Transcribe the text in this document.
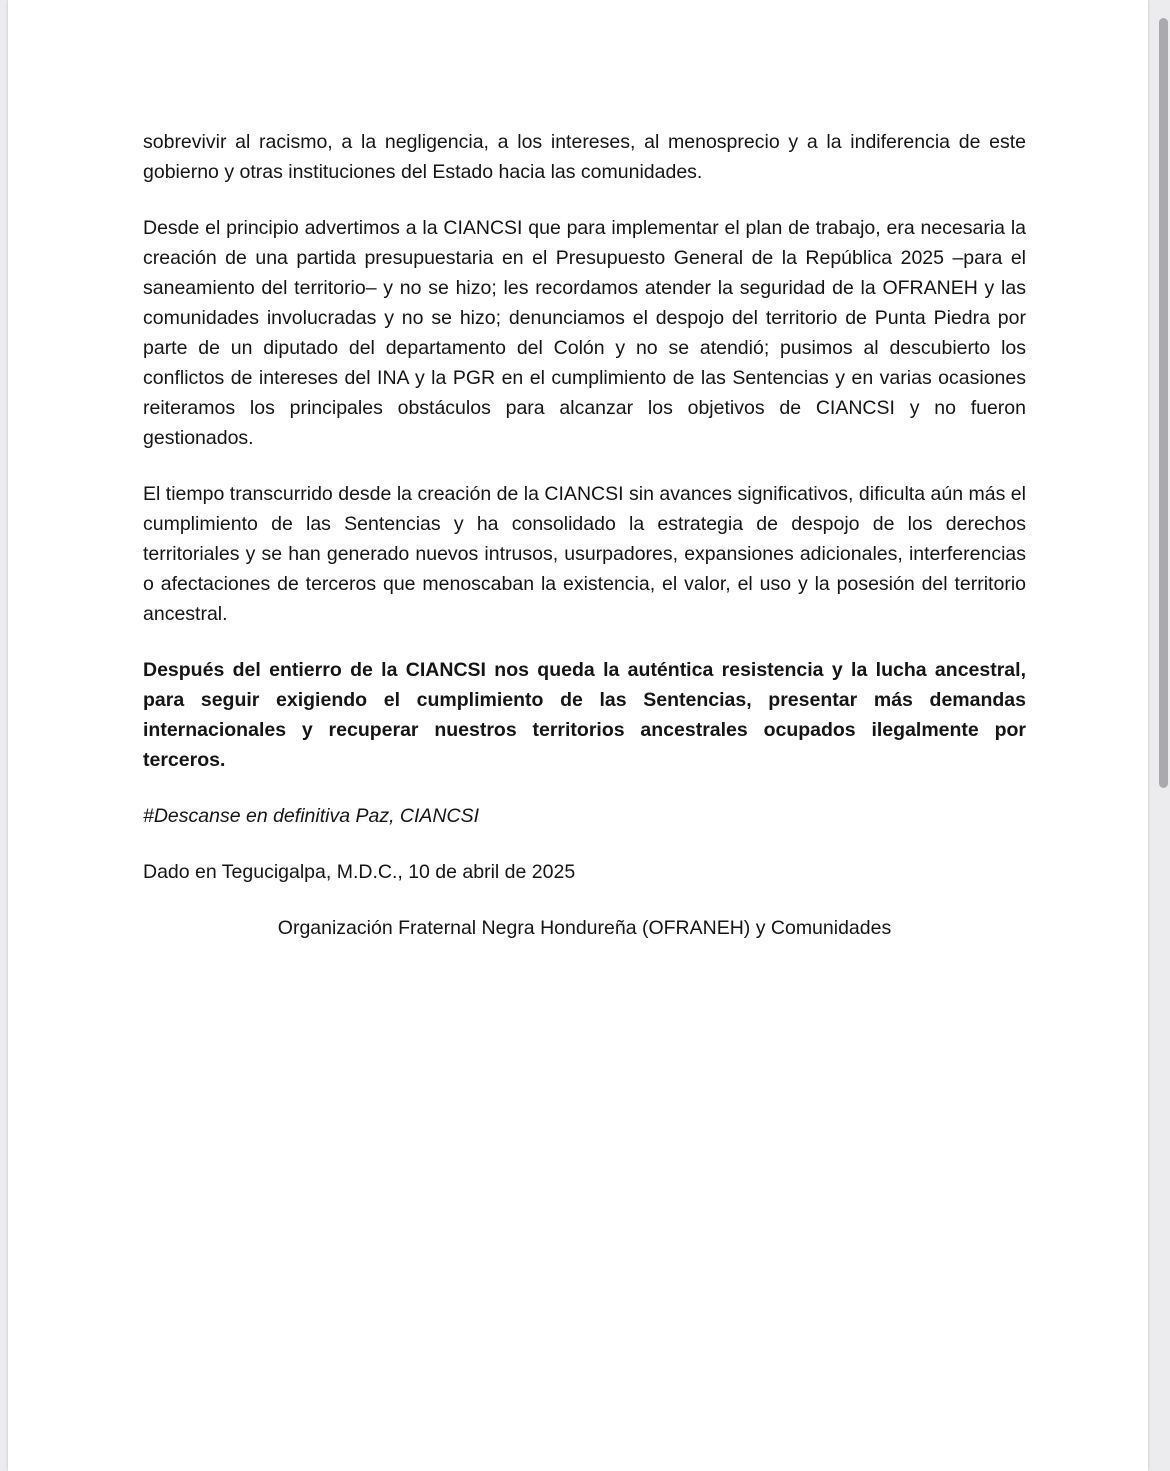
sobrevivir al racismo, a la negligencia, a los intereses, al menosprecio y a la indiferencia de este gobierno y otras instituciones del Estado hacia las comunidades.

Desde el principio advertimos a la CIANCSI que para implementar el plan de trabajo, era necesaria la creación de una partida presupuestaria en el Presupuesto General de la República 2025 –para el saneamiento del territorio– y no se hizo; les recordamos atender la seguridad de la OFRANEH y las comunidades involucradas y no se hizo; denunciamos el despojo del territorio de Punta Piedra por parte de un diputado del departamento del Colón y no se atendió; pusimos al descubierto los conflictos de intereses del INA y la PGR en el cumplimiento de las Sentencias y en varias ocasiones reiteramos los principales obstáculos para alcanzar los objetivos de CIANCSI y no fueron gestionados.

El tiempo transcurrido desde la creación de la CIANCSI sin avances significativos, dificulta aún más el cumplimiento de las Sentencias y ha consolidado la estrategia de despojo de los derechos territoriales y se han generado nuevos intrusos, usurpadores, expansiones adicionales, interferencias o afectaciones de terceros que menoscaban la existencia, el valor, el uso y la posesión del territorio ancestral.

Después del entierro de la CIANCSI nos queda la auténtica resistencia y la lucha ancestral, para seguir exigiendo el cumplimiento de las Sentencias, presentar más demandas internacionales y recuperar nuestros territorios ancestrales ocupados ilegalmente por terceros.

#Descanse en definitiva Paz, CIANCSI

Dado en Tegucigalpa, M.D.C., 10 de abril de 2025

Organización Fraternal Negra Hondureña (OFRANEH) y Comunidades
